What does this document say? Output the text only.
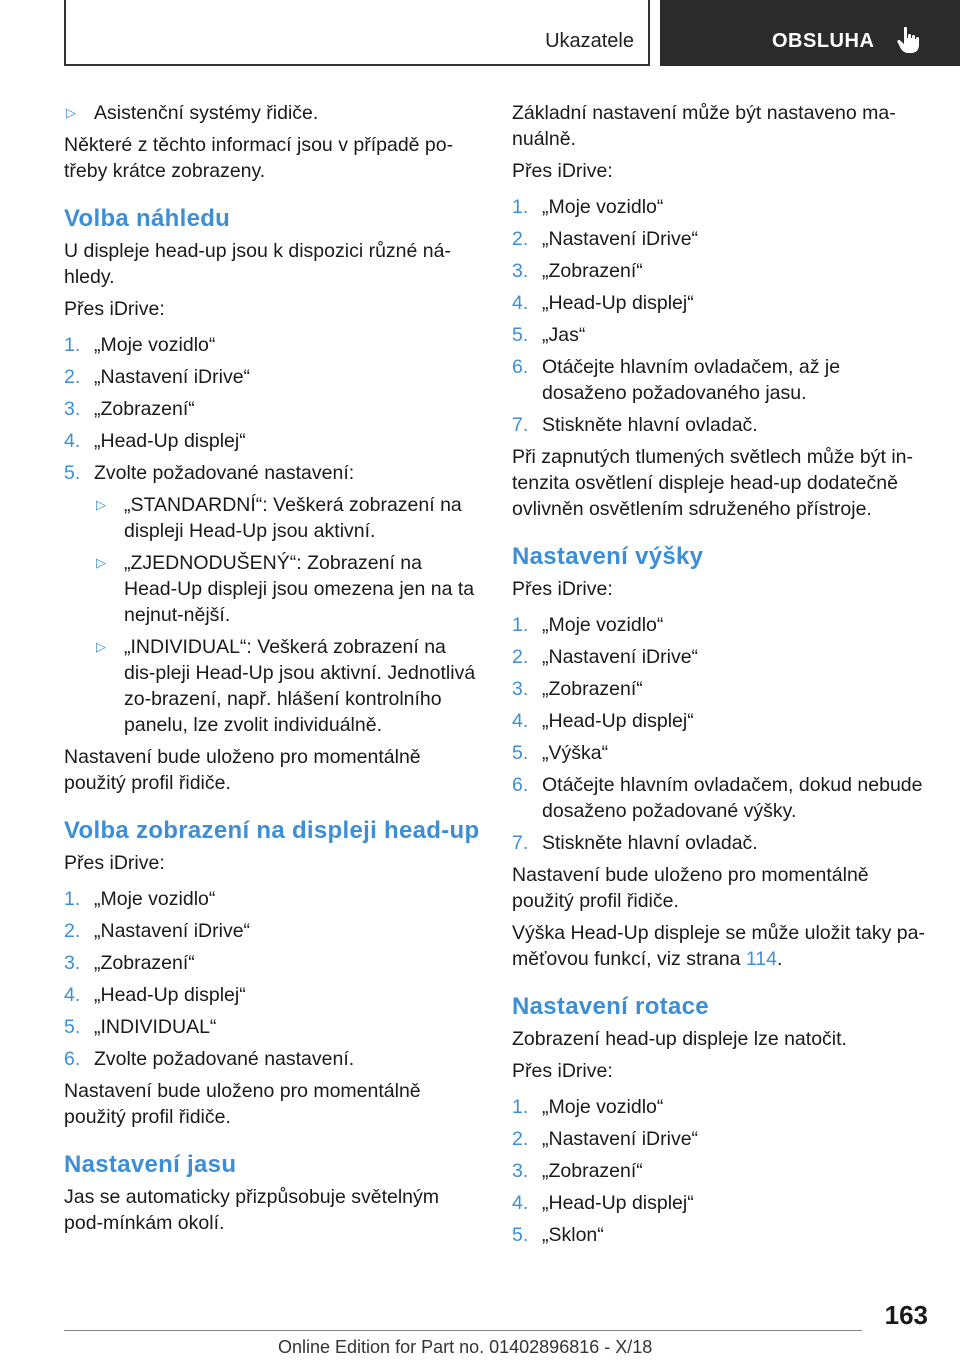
Ukazatele	OBSLUHA
▷ Asistenční systémy řidiče.

Některé z těchto informací jsou v případě po-třeby krátce zobrazeny.

Volba náhledu

U displeje head-up jsou k dispozici různé ná-hledy.

Přes iDrive:

1. „Moje vozidlo“
2. „Nastavení iDrive“
3. „Zobrazení“
4. „Head-Up displej“
5. Zvolte požadované nastavení:
▷ „STANDARDNÍ“: Veškerá zobrazení na displeji Head-Up jsou aktivní.
▷ „ZJEDNODUŠENÝ“: Zobrazení na Head-Up displeji jsou omezena jen na ta nejnut-nější.
▷ „INDIVIDUAL“: Veškerá zobrazení na dis-pleji Head-Up jsou aktivní. Jednotlivá zo-brazení, např. hlášení kontrolního panelu, lze zvolit individuálně.

Nastavení bude uloženo pro momentálně použitý profil řidiče.

Volba zobrazení na displeji head-up

Přes iDrive:

1. „Moje vozidlo“
2. „Nastavení iDrive“
3. „Zobrazení“
4. „Head-Up displej“
5. „INDIVIDUAL“
6. Zvolte požadované nastavení.

Nastavení bude uloženo pro momentálně použitý profil řidiče.

Nastavení jasu

Jas se automaticky přizpůsobuje světelným pod-mínkám okolí.

Základní nastavení může být nastaveno ma-nuálně.

Přes iDrive:

1. „Moje vozidlo“
2. „Nastavení iDrive“
3. „Zobrazení“
4. „Head-Up displej“
5. „Jas“
6. Otáčejte hlavním ovladačem, až je dosaženo požadovaného jasu.
7. Stiskněte hlavní ovladač.

Při zapnutých tlumených světlech může být in-tenzita osvětlení displeje head-up dodatečně ovlivněn osvětlením sdruženého přístroje.

Nastavení výšky

Přes iDrive:

1. „Moje vozidlo“
2. „Nastavení iDrive“
3. „Zobrazení“
4. „Head-Up displej“
5. „Výška“
6. Otáčejte hlavním ovladačem, dokud nebude dosaženo požadované výšky.
7. Stiskněte hlavní ovladač.

Nastavení bude uloženo pro momentálně použitý profil řidiče.

Výška Head-Up displeje se může uložit taky pa-měťovou funkcí, viz strana 114.

Nastavení rotace

Zobrazení head-up displeje lze natočit.

Přes iDrive:

1. „Moje vozidlo“
2. „Nastavení iDrive“
3. „Zobrazení“
4. „Head-Up displej“
5. „Sklon“
163
Online Edition for Part no. 01402896816 - X/18
